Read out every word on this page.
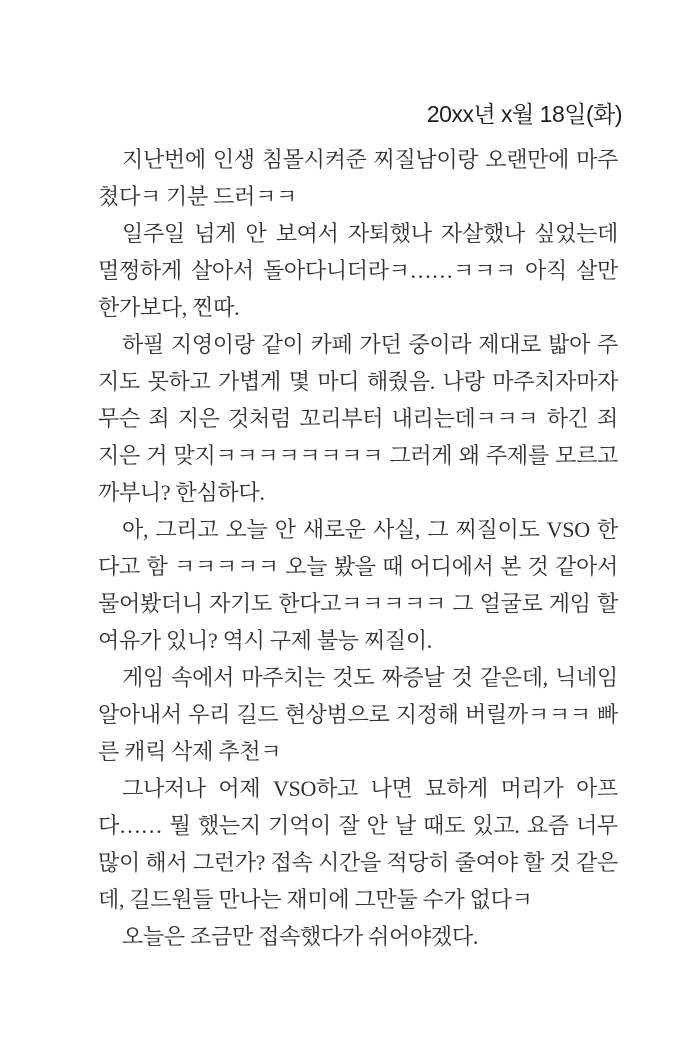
20xx년 x월 18일(화)

지난번에 인생 침몰시켜준 찌질남이랑 오랜만에 마주쳤다ㅋ 기분 드러ㅋㅋ

일주일 넘게 안 보여서 자퇴했나 자살했나 싶었는데 멀쩡하게 살아서 돌아다니더라ㅋ……ㅋㅋㅋ 아직 살만한가보다, 찐따.

하필 지영이랑 같이 카페 가던 중이라 제대로 밟아 주지도 못하고 가볍게 몇 마디 해줬음. 나랑 마주치자마자 무슨 죄 지은 것처럼 꼬리부터 내리는데ㅋㅋㅋ 하긴 죄 지은 거 맞지ㅋㅋㅋㅋㅋㅋㅋㅋ 그러게 왜 주제를 모르고 까부니? 한심하다.

아, 그리고 오늘 안 새로운 사실, 그 찌질이도 VSO 한다고 함 ㅋㅋㅋㅋㅋ 오늘 봤을 때 어디에서 본 것 같아서 물어봤더니 자기도 한다고ㅋㅋㅋㅋㅋ 그 얼굴로 게임 할 여유가 있니? 역시 구제 불능 찌질이.

게임 속에서 마주치는 것도 짜증날 것 같은데, 닉네임 알아내서 우리 길드 현상범으로 지정해 버릴까ㅋㅋㅋ 빠른 캐릭 삭제 추천ㅋ

그나저나 어제 VSO하고 나면 묘하게 머리가 아프다…… 뭘 했는지 기억이 잘 안 날 때도 있고. 요즘 너무 많이 해서 그런가? 접속 시간을 적당히 줄여야 할 것 같은데, 길드원들 만나는 재미에 그만둘 수가 없다ㅋ

오늘은 조금만 접속했다가 쉬어야겠다.
